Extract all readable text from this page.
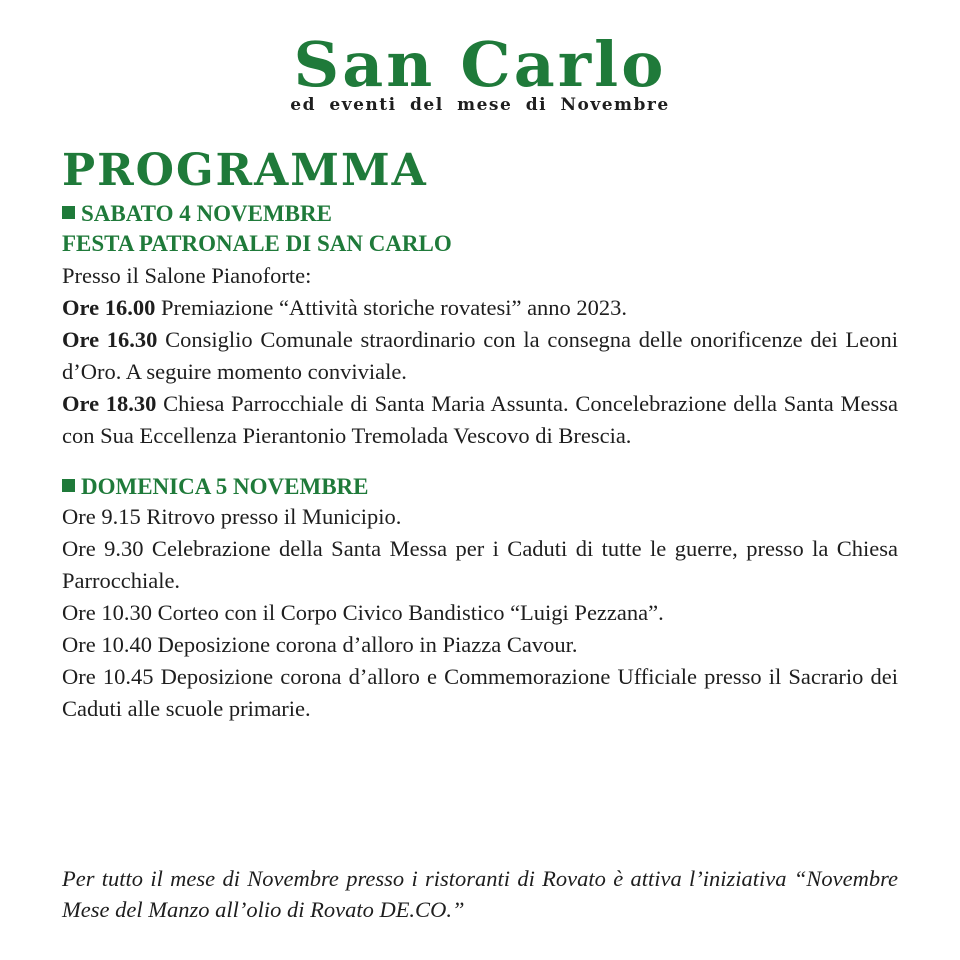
San Carlo
ed eventi del mese di Novembre
PROGRAMMA
SABATO 4 NOVEMBRE
FESTA PATRONALE DI SAN CARLO
Presso il Salone Pianoforte:
Ore 16.00 Premiazione “Attività storiche rovatesi” anno 2023.
Ore 16.30 Consiglio Comunale straordinario con la consegna delle onorificenze dei Leoni d’Oro. A seguire momento conviviale.
Ore 18.30 Chiesa Parrocchiale di Santa Maria Assunta. Concelebrazione della Santa Messa con Sua Eccellenza Pierantonio Tremolada Vescovo di Brescia.
DOMENICA 5 NOVEMBRE
Ore 9.15 Ritrovo presso il Municipio.
Ore 9.30 Celebrazione della Santa Messa per i Caduti di tutte le guerre, presso la Chiesa Parrocchiale.
Ore 10.30 Corteo con il Corpo Civico Bandistico “Luigi Pezzana”.
Ore 10.40 Deposizione corona d’alloro in Piazza Cavour.
Ore 10.45 Deposizione corona d’alloro e Commemorazione Ufficiale presso il Sacrario dei Caduti alle scuole primarie.
Per tutto il mese di Novembre presso i ristoranti di Rovato è attiva l’iniziativa “Novembre Mese del Manzo all’olio di Rovato DE.CO.”
